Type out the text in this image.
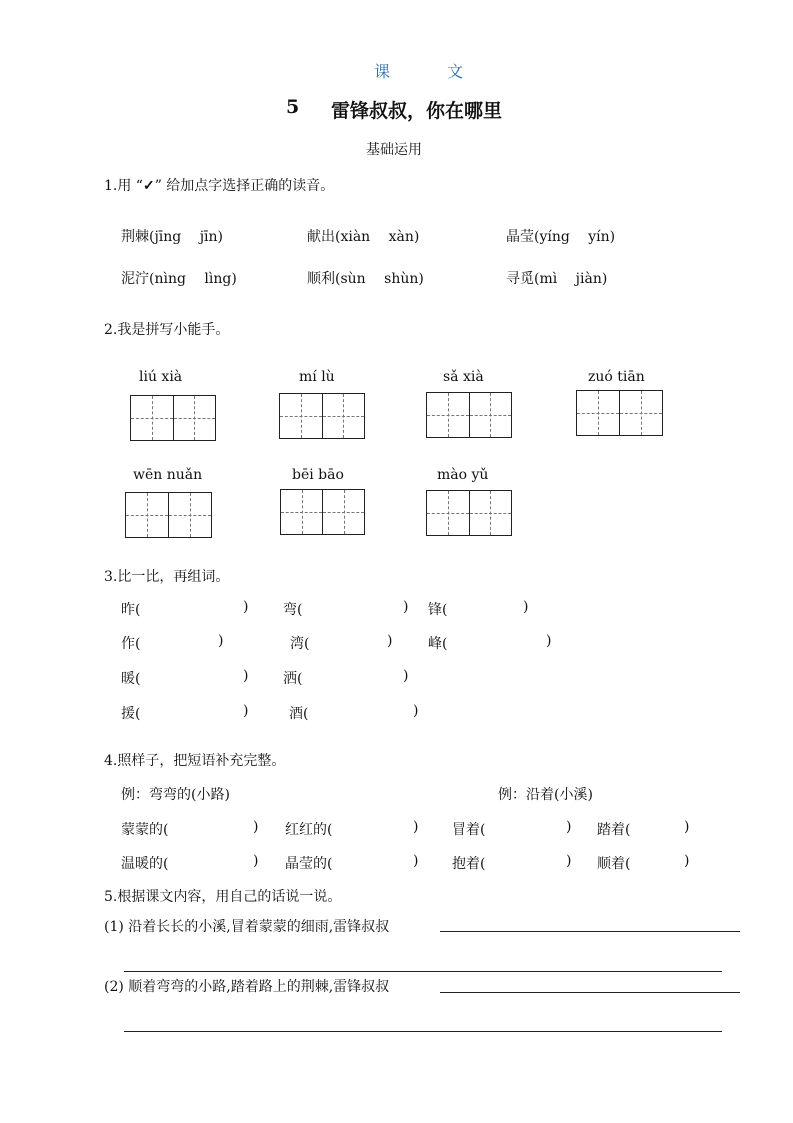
课 文
5 雷锋叔叔，你在哪里
基础运用
1.用 “✓” 给加点字选择正确的读音。
荆棘(jīng　 jīn)	献出(xiàn　 xàn)	晶莹(yíng　 yín)
泥泞(nìng　 lìng)	顺利(sùn　 shùn)	寻觅(mì　 jiàn)
2.我是拼写小能手。
liú xià	mí lù	sǎ xià	zuó tiān
wēn nuǎn	bēi bāo	mào yǔ
3.比一比，再组词。
昨(	) 弯(	) 锋(	)
作(	)	湾(	)	峰(	)
暖(	) 洒(	)
援(	)	酒(	)
4.照样子，把短语补充完整。
例：弯弯的(小路)	例：沿着(小溪)
蒙蒙的(	) 红红的(	) 冒着(	) 踏着(	)
温暖的(	) 晶莹的(	) 抱着(	) 顺着(	)
5.根据课文内容，用自己的话说一说。
(1) 沿着长长的小溪,冒着蒙蒙的细雨,雷锋叔叔
(2) 顺着弯弯的小路,踏着路上的荆棘,雷锋叔叔
